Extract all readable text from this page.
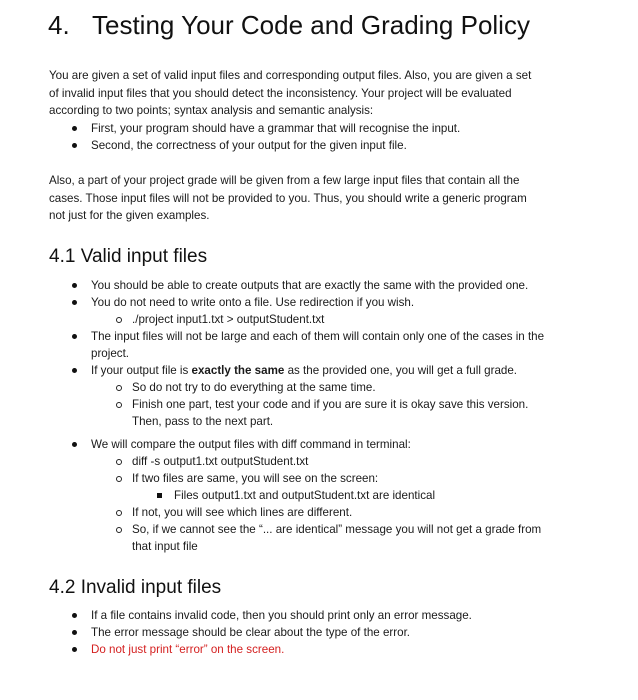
4. Testing Your Code and Grading Policy

You are given a set of valid input files and corresponding output files. Also, you are given a set
of invalid input files that you should detect the inconsistency. Your project will be evaluated
according to two points; syntax analysis and semantic analysis:

First, your program should have a grammar that will recognise the input.
Second, the correctness of your output for the given input file.

Also, a part of your project grade will be given from a few large input files that contain all the
cases. Those input files will not be provided to you. Thus, you should write a generic program
not just for the given examples.

4.1 Valid input files
You should be able to create outputs that are exactly the same with the provided one.
You do not need to write onto a file. Use redirection if you wish.
./project input1.txt > outputStudent.txt
The input files will not be large and each of them will contain only one of the cases in the
project.
If your output file is exactly the same as the provided one, you will get a full grade.
So do not try to do everything at the same time.
Finish one part, test your code and if you are sure it is okay save this version.
Then, pass to the next part.
We will compare the output files with diff command in terminal:
diff -s output1.txt outputStudent.txt
If two files are same, you will see on the screen:
Files output1.txt and outputStudent.txt are identical
If not, you will see which lines are different.
So, if we cannot see the “... are identical” message you will not get a grade from
that input file
4.2 Invalid input files
If a file contains invalid code, then you should print only an error message.
The error message should be clear about the type of the error.
Do not just print “error” on the screen.
